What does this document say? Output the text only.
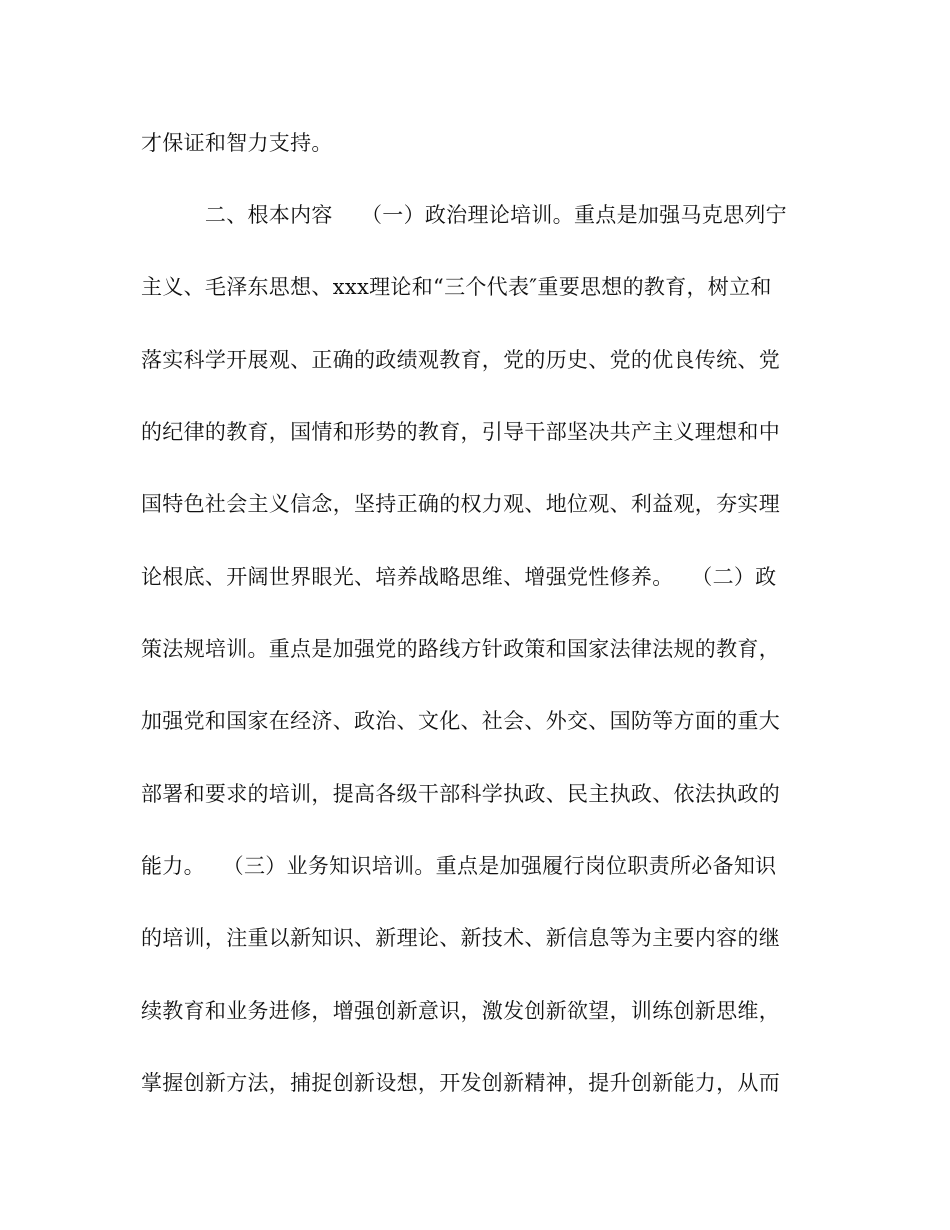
才保证和智力支持。
　　　二、根本内容　 （一）政治理论培训。重点是加强马克思列宁
主义、毛泽东思想、xxx理论和“三个代表″重要思想的教育，树立和
落实科学开展观、正确的政绩观教育，党的历史、党的优良传统、党
的纪律的教育，国情和形势的教育，引导干部坚决共产主义理想和中
国特色社会主义信念，坚持正确的权力观、地位观、利益观，夯实理
论根底、开阔世界眼光、培养战略思维、增强党性修养。　 （二）政
策法规培训。重点是加强党的路线方针政策和国家法律法规的教育，
加强党和国家在经济、政治、文化、社会、外交、国防等方面的重大
部署和要求的培训，提高各级干部科学执政、民主执政、依法执政的
能力。　 （三）业务知识培训。重点是加强履行岗位职责所必备知识
的培训，注重以新知识、新理论、新技术、新信息等为主要内容的继
续教育和业务进修，增强创新意识，激发创新欲望，训练创新思维，
掌握创新方法，捕捉创新设想，开发创新精神，提升创新能力，从而
